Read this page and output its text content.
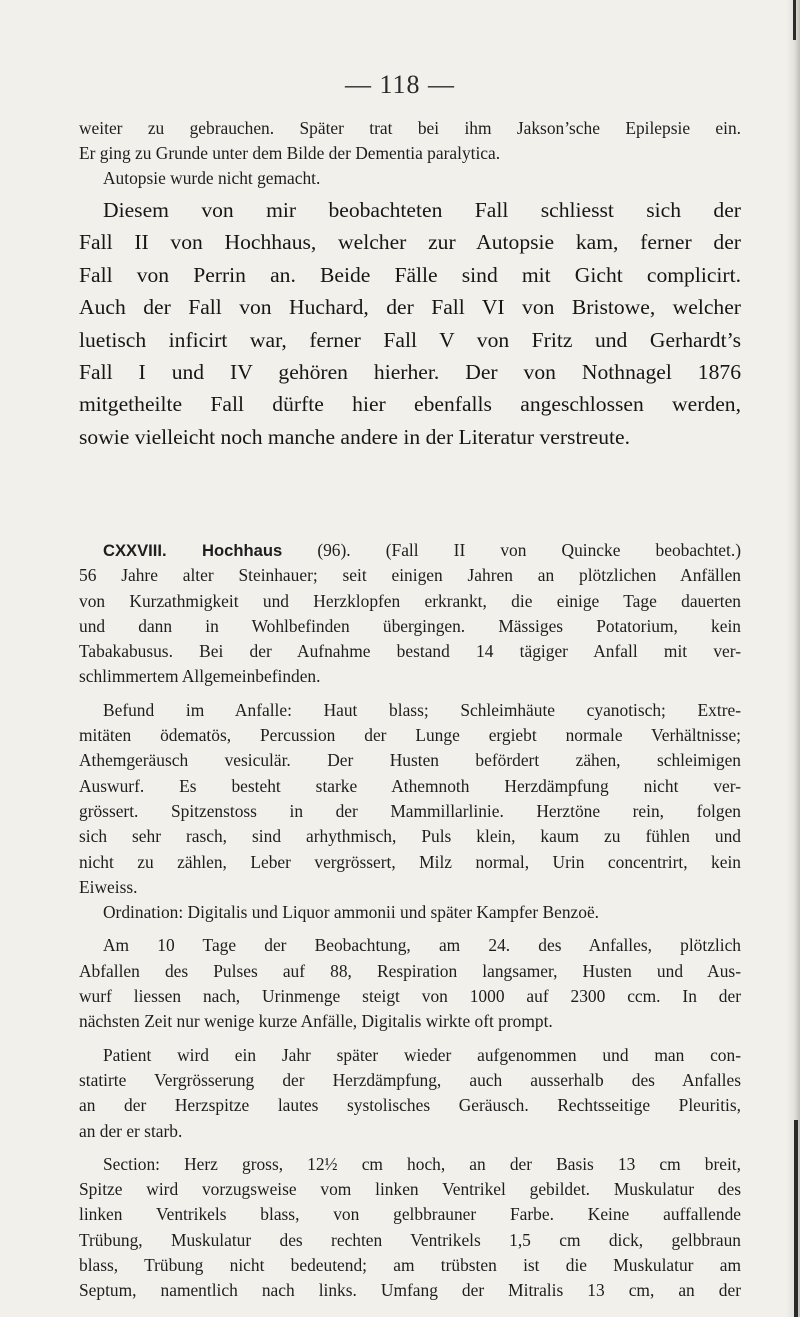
— 118 —
weiter zu gebrauchen. Später trat bei ihm Jakson’sche Epilepsie ein.
Er ging zu Grunde unter dem Bilde der Dementia paralytica.
Autopsie wurde nicht gemacht.
Diesem von mir beobachteten Fall schliesst sich der
Fall II von Hochhaus, welcher zur Autopsie kam, ferner der
Fall von Perrin an. Beide Fälle sind mit Gicht complicirt.
Auch der Fall von Huchard, der Fall VI von Bristowe, welcher
luetisch inficirt war, ferner Fall V von Fritz und Gerhardt’s
Fall I und IV gehören hierher. Der von Nothnagel 1876
mitgetheilte Fall dürfte hier ebenfalls angeschlossen werden,
sowie vielleicht noch manche andere in der Literatur verstreute.
CXXVIII. Hochhaus (96). (Fall II von Quincke beobachtet.)
56 Jahre alter Steinhauer; seit einigen Jahren an plötzlichen Anfällen
von Kurzathmigkeit und Herzklopfen erkrankt, die einige Tage dauerten
und dann in Wohlbefinden übergingen. Mässiges Potatorium, kein
Tabakabusus. Bei der Aufnahme bestand 14 tägiger Anfall mit ver-
schlimmertem Allgemeinbefinden.
Befund im Anfalle: Haut blass; Schleimhäute cyanotisch; Extre-
mitäten ödematös, Percussion der Lunge ergiebt normale Verhältnisse;
Athemgeräusch vesiculär. Der Husten befördert zähen, schleimigen
Auswurf. Es besteht starke Athemnoth Herzdämpfung nicht ver-
grössert. Spitzenstoss in der Mammillarlinie. Herztöne rein, folgen
sich sehr rasch, sind arhythmisch, Puls klein, kaum zu fühlen und
nicht zu zählen, Leber vergrössert, Milz normal, Urin concentrirt, kein
Eiweiss.
Ordination: Digitalis und Liquor ammonii und später Kampfer Benzoë.
Am 10 Tage der Beobachtung, am 24. des Anfalles, plötzlich
Abfallen des Pulses auf 88, Respiration langsamer, Husten und Aus-
wurf liessen nach, Urinmenge steigt von 1000 auf 2300 ccm. In der
nächsten Zeit nur wenige kurze Anfälle, Digitalis wirkte oft prompt.
Patient wird ein Jahr später wieder aufgenommen und man con-
statirte Vergrösserung der Herzdämpfung, auch ausserhalb des Anfalles
an der Herzspitze lautes systolisches Geräusch. Rechtsseitige Pleuritis,
an der er starb.
Section: Herz gross, 12½ cm hoch, an der Basis 13 cm breit,
Spitze wird vorzugsweise vom linken Ventrikel gebildet. Muskulatur des
linken Ventrikels blass, von gelbbrauner Farbe. Keine auffallende
Trübung, Muskulatur des rechten Ventrikels 1,5 cm dick, gelbbraun
blass, Trübung nicht bedeutend; am trübsten ist die Muskulatur am
Septum, namentlich nach links. Umfang der Mitralis 13 cm, an der
